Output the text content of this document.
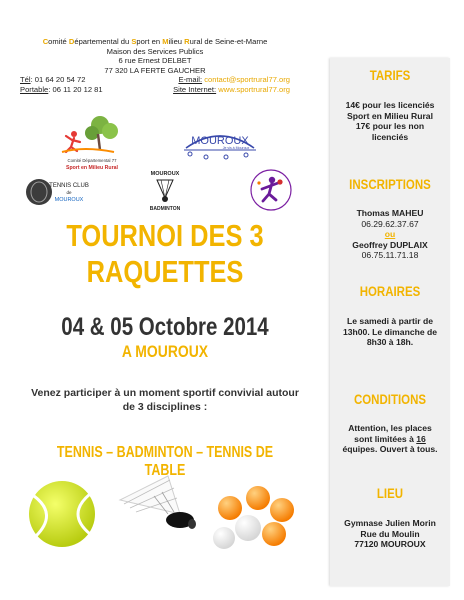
Comité Départemental du Sport en Milieu Rural de Seine-et-Marne
Maison des Services Publics
6 rue Ernest DELBET
77 320 LA FERTE GAUCHER
Tél: 01 64 20 54 72	E-mail: contact@sportrural77.org
Portable: 06 11 20 12 81	Site Internet: www.sportrural77.org
Comité Départemental 77
Sport en Milieu Rural
MOUROUX
Je vis à Mouroux
TENNIS CLUB
de
MOUROUX
MOUROUX
BADMINTON
TOURNOI DES 3
RAQUETTES
04 & 05 Octobre 2014
A MOUROUX
Venez participer à un moment sportif convivial autour de 3 disciplines :
TENNIS – BADMINTON – TENNIS DE TABLE
TARIFS
14€ pour les licenciés Sport en Milieu Rural
17€ pour les non licenciés
INSCRIPTIONS
Thomas MAHEU
06.29.62.37.67
ou
Geoffrey DUPLAIX
06.75.11.71.18
HORAIRES
Le samedi à partir de 13h00. Le dimanche de 8h30 à 18h.
CONDITIONS
Attention, les places sont limitées à 16 équipes. Ouvert à tous.
LIEU
Gymnase Julien Morin
Rue du Moulin
77120 MOUROUX
